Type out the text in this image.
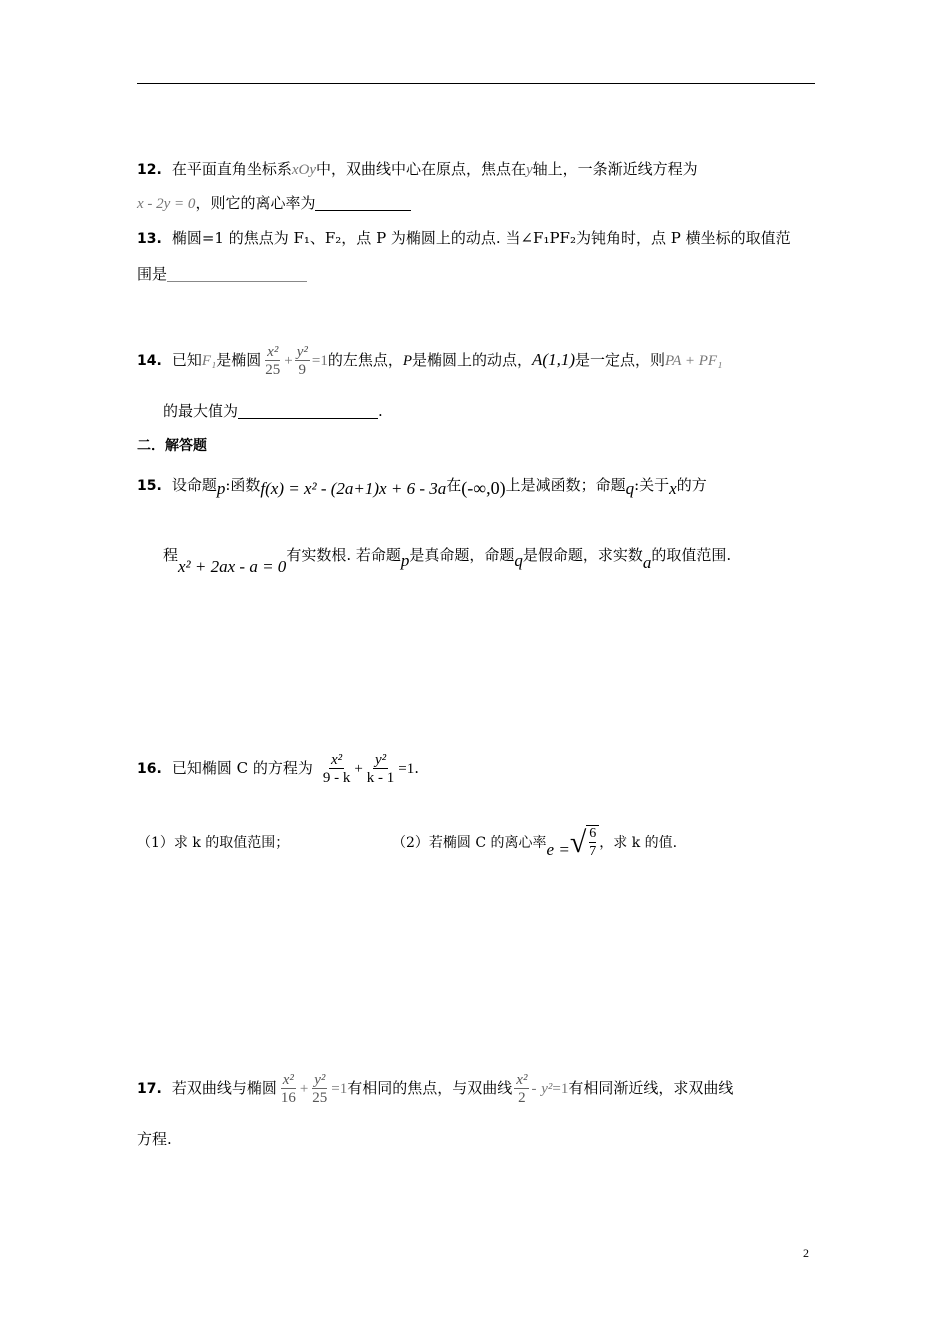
12. 在平面直角坐标系xOy中，双曲线中心在原点，焦点在y轴上，一条渐近线方程为
x - 2y = 0，则它的离心率为
13. 椭圆=1 的焦点为 F₁、F₂，点 P 为椭圆上的动点. 当∠F₁PF₂为钝角时，点 P 横坐标的取值范
围是
14. 已知F₁是椭圆 $\frac{\text{x²}}{25} + \frac{\text{y²}}{9} =1$的左焦点，P是椭圆上的动点，A(1,1)是一定点，则PA + PF₁
的最大值为	.
二．解答题
15. 设命题p:函数f(x) = x² - (2a+1)x + 6 - 3a在(-∞,0)上是减函数；命题q:关于x的方
程x² + 2ax - a = 0有实数根. 若命题p是真命题，命题q是假命题，求实数a的取值范围.
16. 已知椭圆 C 的方程为 $\frac{\text{x²}}{9 - k} + \frac{\text{y²}}{k - 1} =1$.
（1）求 k 的取值范围；	（2）若椭圆 C 的离心率e = √ $\frac{6}{7}$ ，求 k 的值.
17. 若双曲线与椭圆 $\frac{\text{x²}}{16} + \frac{\text{y²}}{25} =1$有相同的焦点，与双曲线 $\frac{\text{x²}}{2} - y^2=1$有相同渐近线，求双曲线
方程.
2
